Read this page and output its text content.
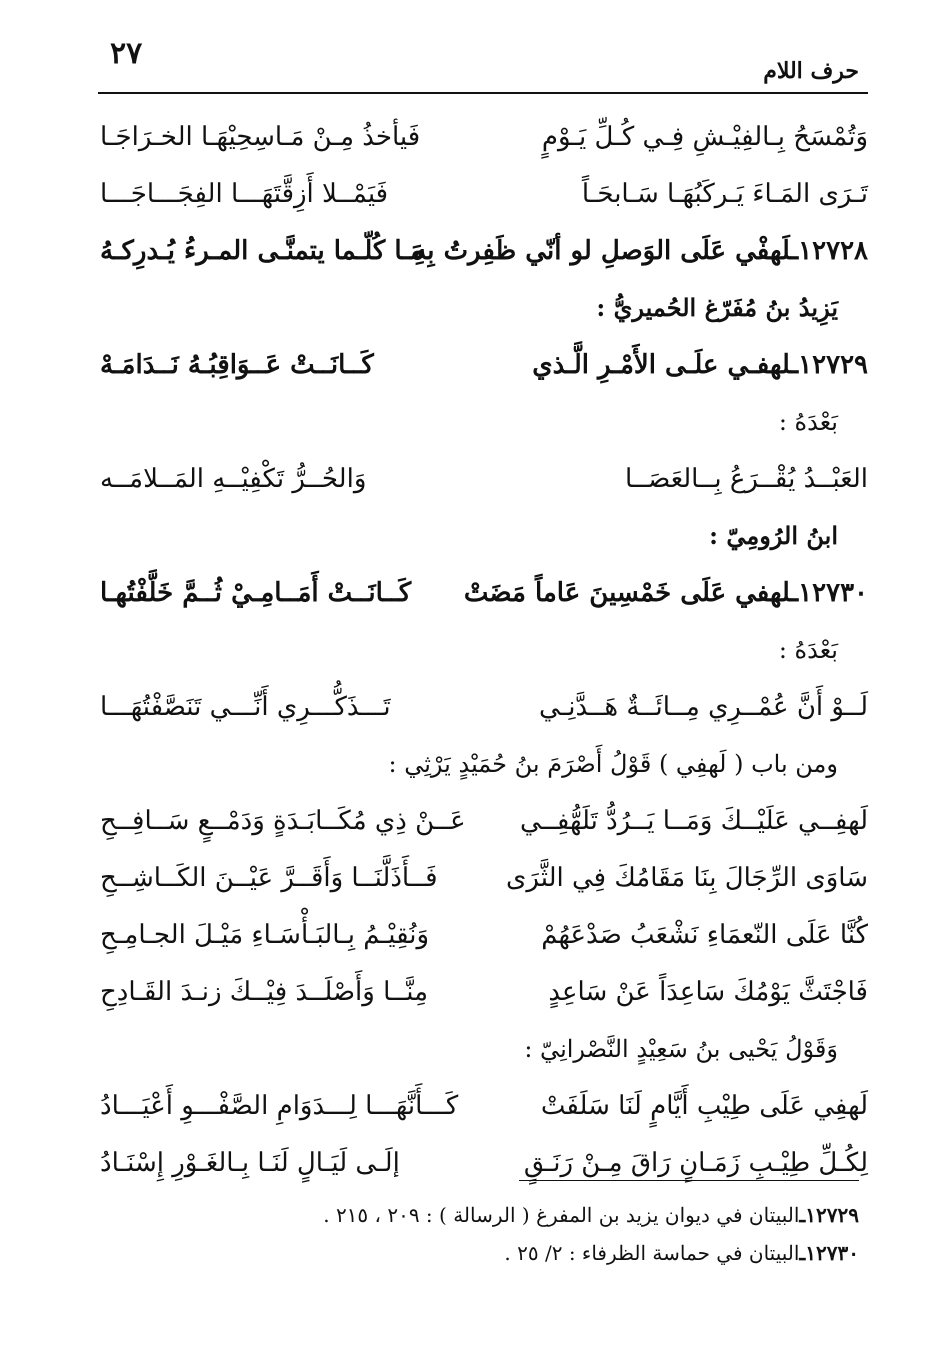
٢٧	حرف اللام
وَتُمْسَحُ بِـالفِيْـشِ فِـي كُـلِّ يَـوْمٍ
فَيأخذُ مِـنْ مَـاسِحِيْهَـا الخـرَاجَـا
تَـرَى المَـاءَ يَـركَبُهَـا سَـابحَـاً
فَيَمْــلا أَزِقَّتَهَـــا الفِجَـــاجَـــا
١٢٧٢٨ـلَهفْي عَلَى الوَصلِ لو أنّي ظَفِرتُ بِهِ
مَـا كُلّـما يتمنَّـى المـرءُ يُـدرِكـهُ
يَزِيدُ بنُ مُفَرّغ الحُميريُّ :
١٢٧٢٩ـلهفـي علَـى الأَمْـرِ الَّـذي
كَــانَــتْ عَــوَاقِبُـهُ نَــدَامَـهْ
بَعْدَهُ :
العَبْــدُ يُقْــرَعُ بِــالعَصَــا
وَالحُــرُّ تَكْفِيْــهِ المَــلامَــه
ابنُ الرُومِيّ :
١٢٧٣٠ـلهفي عَلَى خَمْسِينَ عَاماً مَضَتْ
كَــانَــتْ أَمَــامِـيْ ثُــمَّ خَلَّفْتُهـا
بَعْدَهُ :
لَــوْ أَنَّ عُمْــرِي مِــائَــةٌ هَــدَّنِـي
تَـــذَكُّـــرِي أَنِّـــي تَنَصَّفْتُهَـــا
ومن باب ( لَهفِي ) قَوْلُ أَصْرَمَ بنُ حُمَيْدٍ يَرْثِي :
لَهفِــي عَلَيْــكَ وَمَــا يَــرُدُّ تَلَهُّفِــي
عَــنْ ذِي مُكَــابَـدَةٍ وَدَمْــعٍ سَــافِــحِ
سَاوَى الرِّجَالَ بِنَا مَقَامُكَ فِي الثَّرَى
فَــأَذَلَّنَــا وَأَقَــرَّ عَيْــنَ الكَــاشِــحِ
كُنَّا عَلَى النّعمَاءِ نَشْعَبُ صَدْعَهُمْ
وَنُقِيْـمُ بِـالبَـأْسَـاءِ مَيْـلَ الجـامِـحِ
فَاجْتَثَّ يَوْمُكَ سَاعِدَاً عَنْ سَاعِدٍ
مِنَّــا وَأَصْلَــدَ فِيْــكَ زنـدَ القَـادِحِ
وَقَوْلُ يَحْيى بنُ سَعِيْدٍ النَّصْرانِيّ :
لَهفِي عَلَى طِيْبِ أَيَّامٍ لَنَا سَلَفَتْ
كَـــأَنَّهَـــا لِـــدَوَامِ الصَّفْـــوِ أَعْيَـــادُ
لِكُـلِّ طِيْـبِ زَمَـانٍ رَاقَ مِـنْ رَنَـقٍ
إلَـى لَيَـالٍ لَنَـا بِـالغَـوْرِ إِسْنَـادُ
١٢٧٢٩ـ
البيتان في ديوان يزيد بن المفرغ ( الرسالة ) : ٢٠٩ ، ٢١٥ .
١٢٧٣٠ـ
البيتان في حماسة الظرفاء : ٢/ ٢٥ .
